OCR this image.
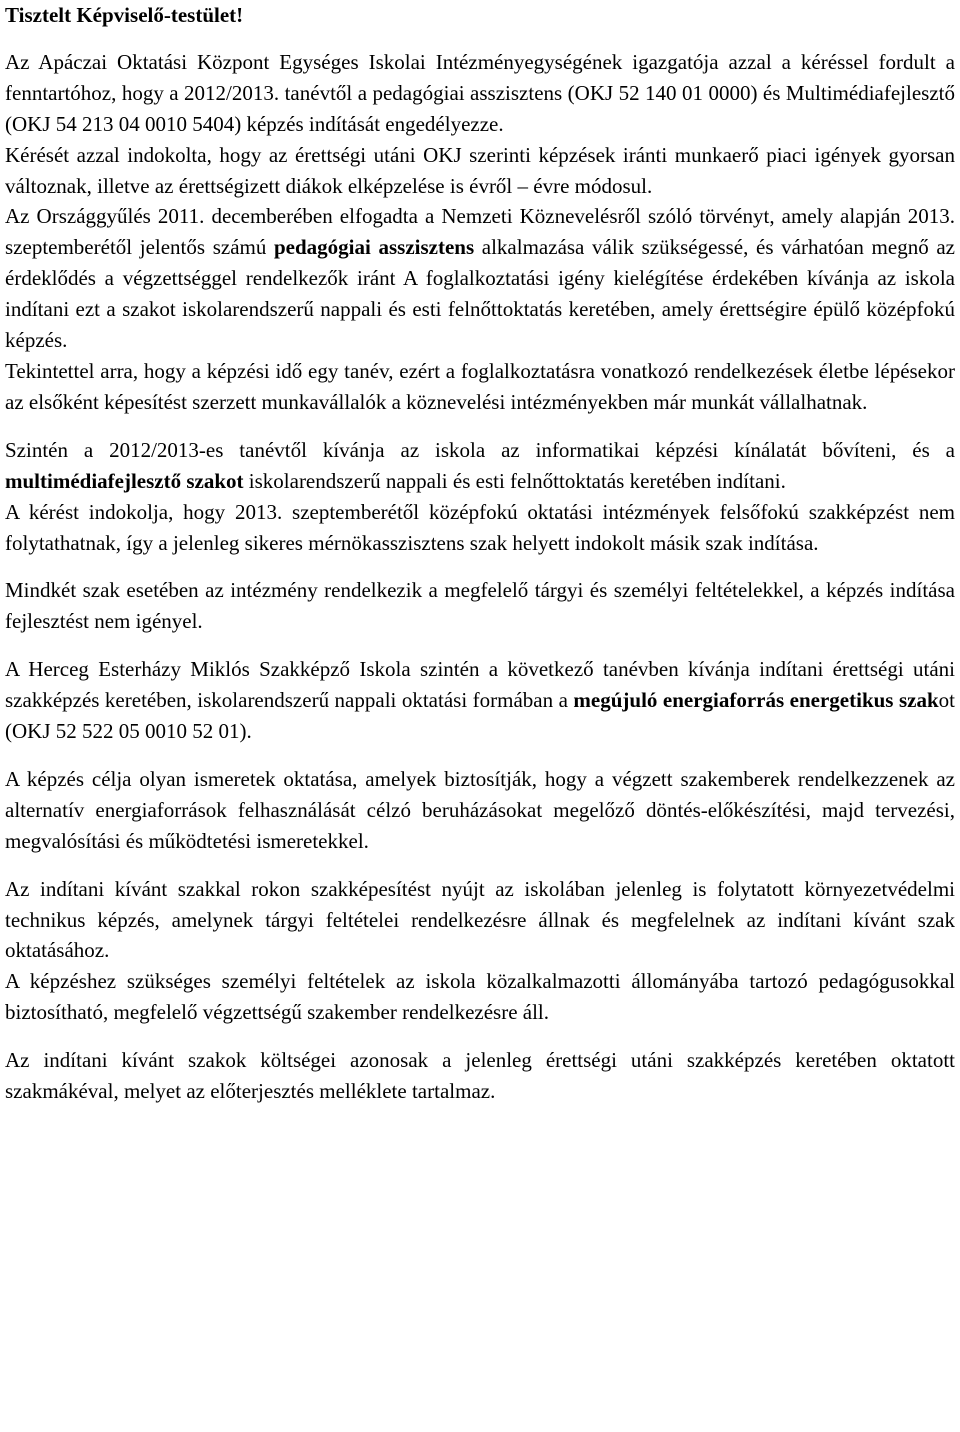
Tisztelt Képviselő-testület!

Az Apáczai Oktatási Központ Egységes Iskolai Intézményegységének igazgatója azzal a kéréssel fordult a fenntartóhoz, hogy a 2012/2013. tanévtől a pedagógiai asszisztens (OKJ 52 140 01 0000) és Multimédiafejlesztő (OKJ 54 213 04 0010 5404) képzés indítását engedélyezze.

Kérését azzal indokolta, hogy az érettségi utáni OKJ szerinti képzések iránti munkaerő piaci igények gyorsan változnak, illetve az érettségizett diákok elképzelése is évről – évre módosul.

Az Országgyűlés 2011. decemberében elfogadta a Nemzeti Köznevelésről szóló törvényt, amely alapján 2013. szeptemberétől jelentős számú pedagógiai asszisztens alkalmazása válik szükségessé, és várhatóan megnő az érdeklődés a végzettséggel rendelkezők iránt A foglalkoztatási igény kielégítése érdekében kívánja az iskola indítani ezt a szakot iskolarendszerű nappali és esti felnőttoktatás keretében, amely érettségire épülő középfokú képzés.

Tekintettel arra, hogy a képzési idő egy tanév, ezért a foglalkoztatásra vonatkozó rendelkezések életbe lépésekor az elsőként képesítést szerzett munkavállalók a köznevelési intézményekben már munkát vállalhatnak.

Szintén a 2012/2013-es tanévtől kívánja az iskola az informatikai képzési kínálatát bővíteni, és a multimédiafejlesztő szakot iskolarendszerű nappali és esti felnőttoktatás keretében indítani.

A kérést indokolja, hogy 2013. szeptemberétől középfokú oktatási intézmények felsőfokú szakképzést nem folytathatnak, így a jelenleg sikeres mérnökasszisztens szak helyett indokolt másik szak indítása.

Mindkét szak esetében az intézmény rendelkezik a megfelelő tárgyi és személyi feltételekkel, a képzés indítása fejlesztést nem igényel.

A Herceg Esterházy Miklós Szakképző Iskola szintén a következő tanévben kívánja indítani érettségi utáni szakképzés keretében, iskolarendszerű nappali oktatási formában a megújuló energiaforrás energetikus szakot (OKJ 52 522 05 0010 52 01).

A képzés célja olyan ismeretek oktatása, amelyek biztosítják, hogy a végzett szakemberek rendelkezzenek az alternatív energiaforrások felhasználását célzó beruházásokat megelőző döntés-előkészítési, majd tervezési, megvalósítási és működtetési ismeretekkel.

Az indítani kívánt szakkal rokon szakképesítést nyújt az iskolában jelenleg is folytatott környezetvédelmi technikus képzés, amelynek tárgyi feltételei rendelkezésre állnak és megfelelnek az indítani kívánt szak oktatásához.

A képzéshez szükséges személyi feltételek az iskola közalkalmazotti állományába tartozó pedagógusokkal biztosítható, megfelelő végzettségű szakember rendelkezésre áll.

Az indítani kívánt szakok költségei azonosak a jelenleg érettségi utáni szakképzés keretében oktatott szakmákéval, melyet az előterjesztés melléklete tartalmaz.
